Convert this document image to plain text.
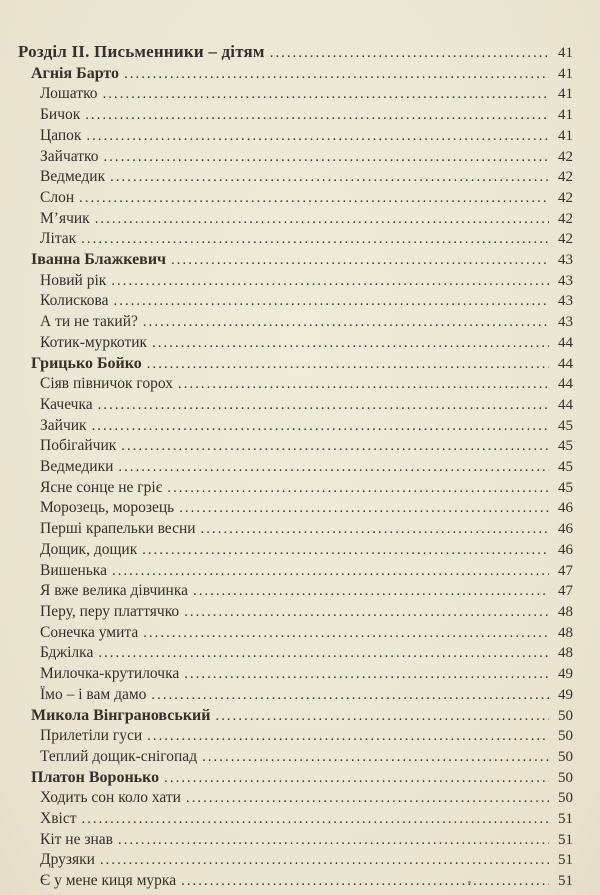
Розділ II. Письменники – дітям .....	41
Агнія Барто .....	41
Лошатко .....	41
Бичок .....	41
Цапок .....	41
Зайчатко .....	42
Ведмедик .....	42
Слон .....	42
М’ячик .....	42
Літак .....	42
Іванна Блажкевич .....	43
Новий рік .....	43
Колискова .....	43
А ти не такий? .....	43
Котик-муркотик .....	44
Грицько Бойко .....	44
Сіяв півничок горох .....	44
Качечка .....	44
Зайчик .....	45
Побігайчик .....	45
Ведмедики .....	45
Ясне сонце не гріє .....	45
Морозець, морозець .....	46
Перші крапельки весни .....	46
Дощик, дощик .....	46
Вишенька .....	47
Я вже велика дівчинка .....	47
Перу, перу платтячко .....	48
Сонечка умита .....	48
Бджілка .....	48
Милочка-крутилочка .....	49
Їмо – і вам дамо .....	49
Микола Вінграновський .....	50
Прилетіли гуси .....	50
Теплий дощик-снігопад .....	50
Платон Воронько .....	50
Ходить сон коло хати .....	50
Хвіст .....	51
Кіт не знав .....	51
Друзяки .....	51
Є у мене киця мурка .....	51
